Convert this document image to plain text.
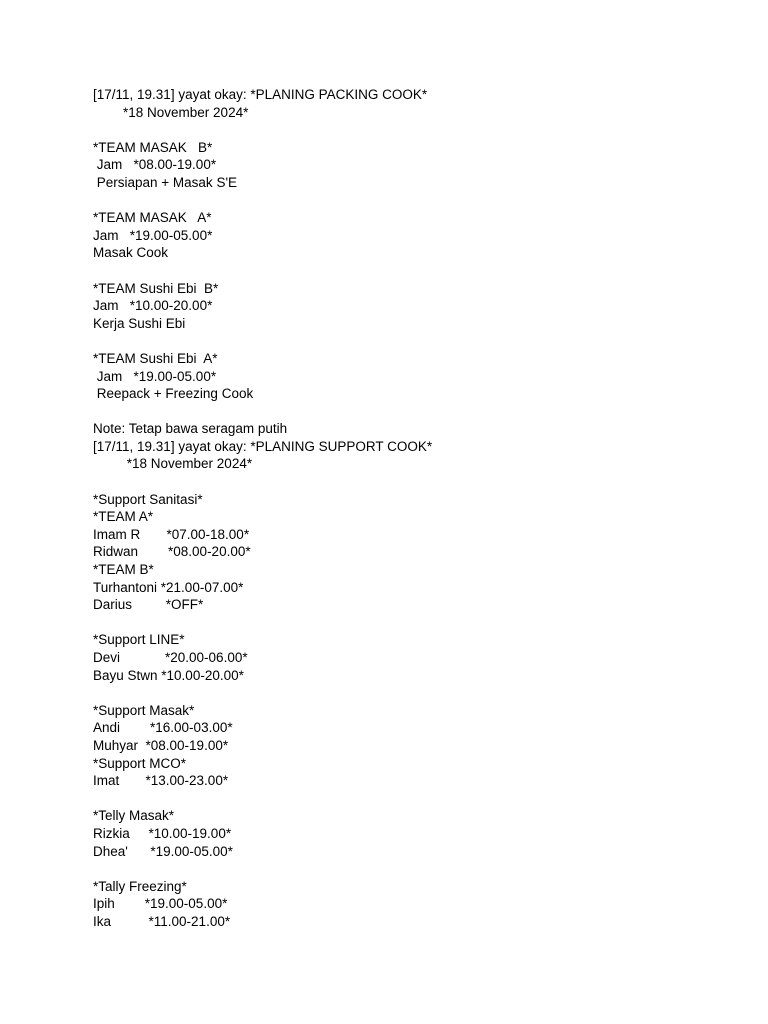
[17/11, 19.31] yayat okay: *PLANING PACKING COOK*
*18 November 2024*
*TEAM MASAK   B*
Jam   *08.00-19.00*
Persiapan + Masak S'E
*TEAM MASAK   A*
Jam   *19.00-05.00*
Masak Cook
*TEAM Sushi Ebi  B*
Jam   *10.00-20.00*
Kerja Sushi Ebi
*TEAM Sushi Ebi  A*
Jam   *19.00-05.00*
Reepack + Freezing Cook
Note: Tetap bawa seragam putih
[17/11, 19.31] yayat okay: *PLANING SUPPORT COOK*
*18 November 2024*
*Support Sanitasi*
*TEAM A*
Imam R       *07.00-18.00*
Ridwan        *08.00-20.00*
*TEAM B*
Turhantoni *21.00-07.00*
Darius         *OFF*
*Support LINE*
Devi            *20.00-06.00*
Bayu Stwn *10.00-20.00*
*Support Masak*
Andi        *16.00-03.00*
Muhyar  *08.00-19.00*
*Support MCO*
Imat       *13.00-23.00*
*Telly Masak*
Rizkia     *10.00-19.00*
Dhea'      *19.00-05.00*
*Tally Freezing*
Ipih        *19.00-05.00*
Ika          *11.00-21.00*
